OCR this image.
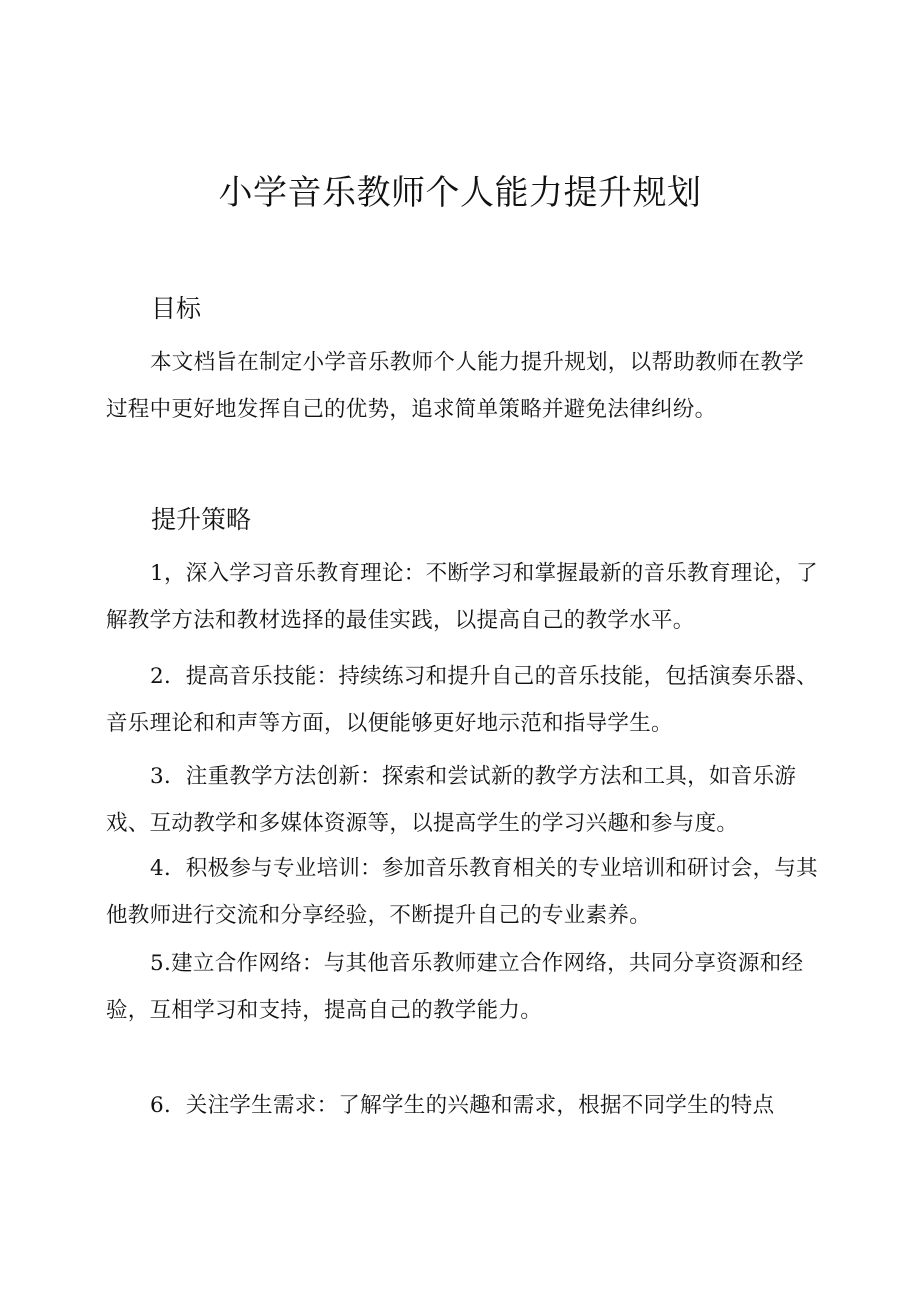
小学音乐教师个人能力提升规划
目标

本文档旨在制定小学音乐教师个人能力提升规划，以帮助教师在教学过程中更好地发挥自己的优势，追求简单策略并避免法律纠纷。

提升策略

1，深入学习音乐教育理论：不断学习和掌握最新的音乐教育理论，了解教学方法和教材选择的最佳实践，以提高自己的教学水平。

2．提高音乐技能：持续练习和提升自己的音乐技能，包括演奏乐器、音乐理论和和声等方面，以便能够更好地示范和指导学生。

3．注重教学方法创新：探索和尝试新的教学方法和工具，如音乐游戏、互动教学和多媒体资源等，以提高学生的学习兴趣和参与度。

4．积极参与专业培训：参加音乐教育相关的专业培训和研讨会，与其他教师进行交流和分享经验，不断提升自己的专业素养。

5.建立合作网络：与其他音乐教师建立合作网络，共同分享资源和经验，互相学习和支持，提高自己的教学能力。

6．关注学生需求：了解学生的兴趣和需求，根据不同学生的特点
